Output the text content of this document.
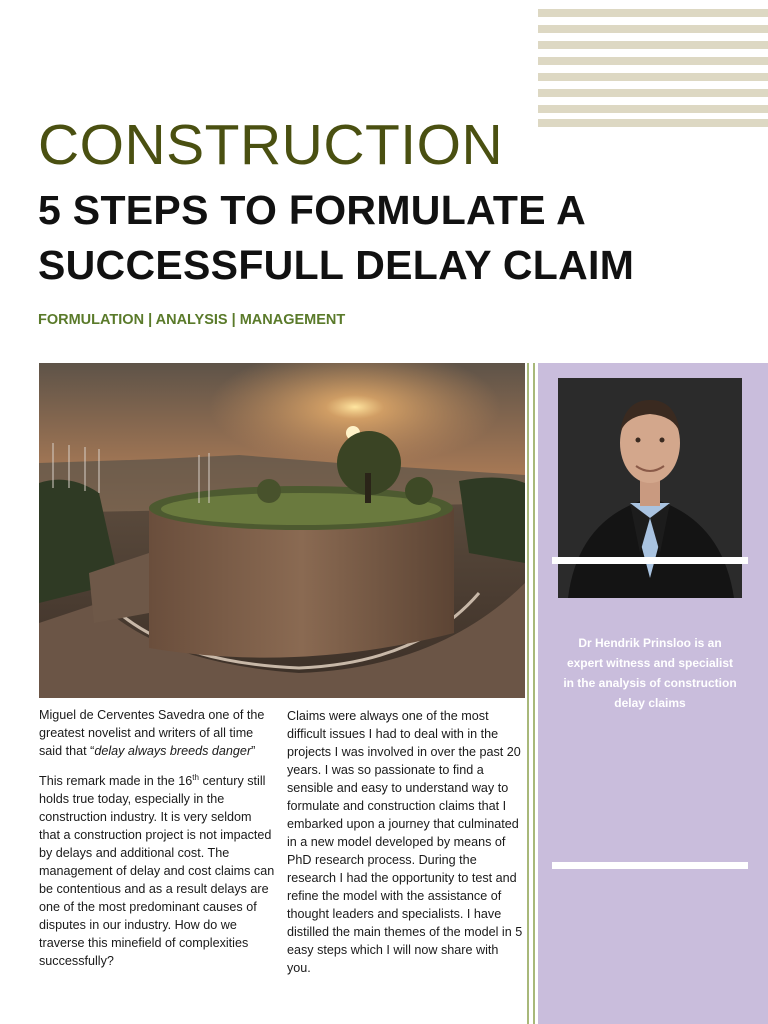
CONSTRUCTION
5 STEPS TO FORMULATE A
SUCCESSFULL DELAY CLAIM

FORMULATION | ANALYSIS | MANAGEMENT

Dr Hendrik Prinsloo is an expert witness and specialist in the analysis of construction delay claims

Miguel de Cerventes Savedra one of the greatest novelist and writers of all time said that “delay always breeds danger”

This remark made in the 16th century still holds true today, especially in the construction industry. It is very seldom that a construction project is not impacted by delays and additional cost. The management of delay and cost claims can be contentious and as a result delays are one of the most predominant causes of disputes in our industry. How do we traverse this minefield of complexities successfully?

Claims were always one of the most difficult issues I had to deal with in the projects I was involved in over the past 20 years. I was so passionate to find a sensible and easy to understand way to formulate and construction claims that I embarked upon a journey that culminated in a new model developed by means of PhD research process. During the research I had the opportunity to test and refine the model with the assistance of thought leaders and specialists. I have distilled the main themes of the model in 5 easy steps which I will now share with you.
